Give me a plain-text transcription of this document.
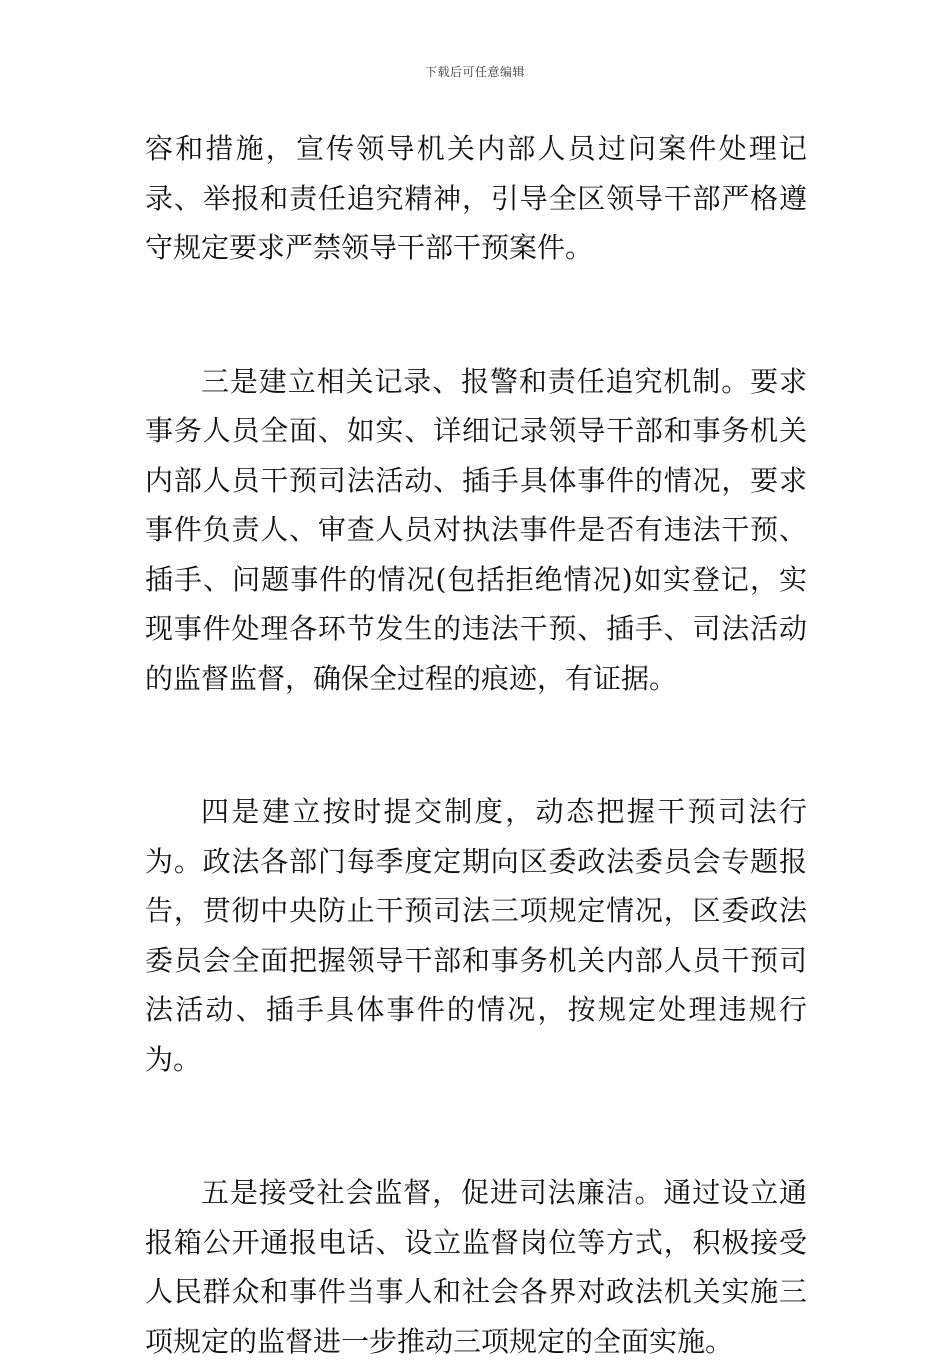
下载后可任意编辑

容和措施，宣传领导机关内部人员过问案件处理记录、举报和责任追究精神，引导全区领导干部严格遵守规定要求严禁领导干部干预案件。

三是建立相关记录、报警和责任追究机制。要求事务人员全面、如实、详细记录领导干部和事务机关内部人员干预司法活动、插手具体事件的情况，要求事件负责人、审查人员对执法事件是否有违法干预、插手、问题事件的情况(包括拒绝情况)如实登记，实现事件处理各环节发生的违法干预、插手、司法活动的监督监督，确保全过程的痕迹，有证据。

四是建立按时提交制度，动态把握干预司法行为。政法各部门每季度定期向区委政法委员会专题报告，贯彻中央防止干预司法三项规定情况，区委政法委员会全面把握领导干部和事务机关内部人员干预司法活动、插手具体事件的情况，按规定处理违规行为。

五是接受社会监督，促进司法廉洁。通过设立通报箱公开通报电话、设立监督岗位等方式，积极接受人民群众和事件当事人和社会各界对政法机关实施三项规定的监督进一步推动三项规定的全面实施。
